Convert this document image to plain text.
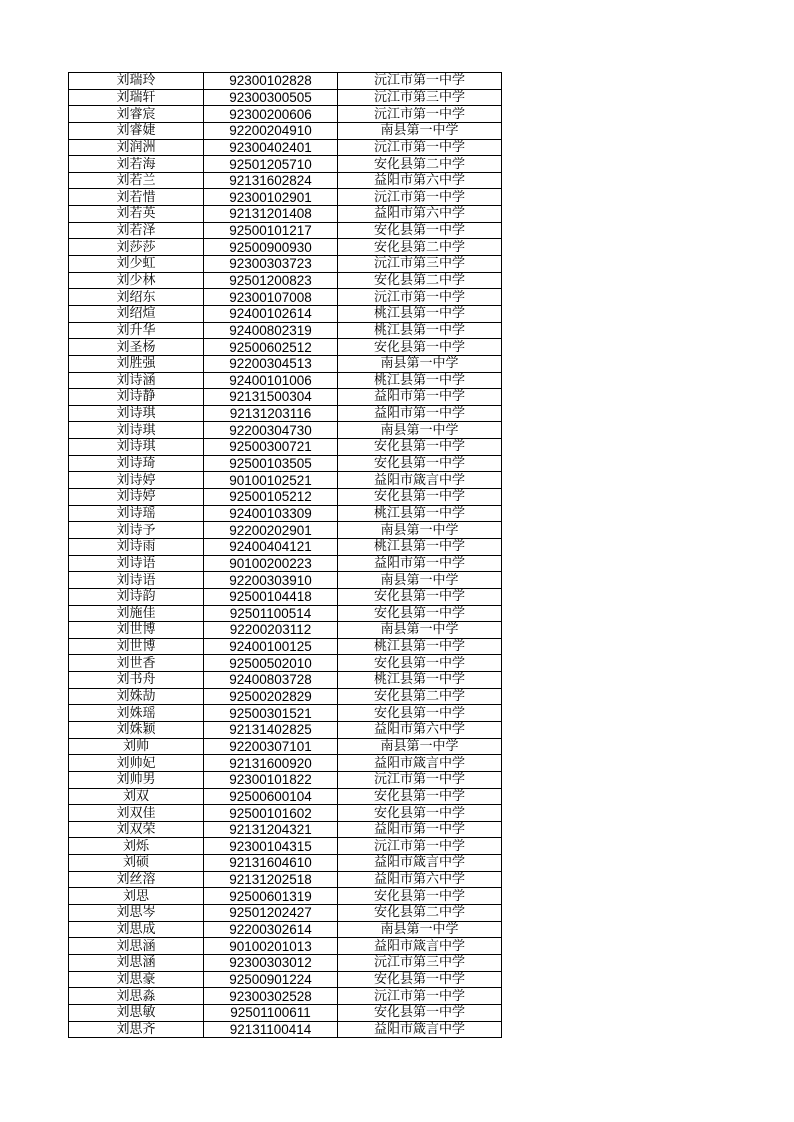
刘瑞玲	92300102828	沅江市第一中学
刘瑞轩	92300300505	沅江市第三中学
刘睿宸	92300200606	沅江市第一中学
刘睿婕	92200204910	南县第一中学
刘润洲	92300402401	沅江市第一中学
刘若海	92501205710	安化县第二中学
刘若兰	92131602824	益阳市第六中学
刘若惜	92300102901	沅江市第一中学
刘若英	92131201408	益阳市第六中学
刘若泽	92500101217	安化县第一中学
刘莎莎	92500900930	安化县第二中学
刘少虹	92300303723	沅江市第三中学
刘少林	92501200823	安化县第二中学
刘绍东	92300107008	沅江市第一中学
刘绍煊	92400102614	桃江县第一中学
刘升华	92400802319	桃江县第一中学
刘圣杨	92500602512	安化县第一中学
刘胜强	92200304513	南县第一中学
刘诗涵	92400101006	桃江县第一中学
刘诗静	92131500304	益阳市第一中学
刘诗琪	92131203116	益阳市第一中学
刘诗琪	92200304730	南县第一中学
刘诗琪	92500300721	安化县第一中学
刘诗琦	92500103505	安化县第一中学
刘诗婷	90100102521	益阳市箴言中学
刘诗婷	92500105212	安化县第一中学
刘诗瑶	92400103309	桃江县第一中学
刘诗予	92200202901	南县第一中学
刘诗雨	92400404121	桃江县第一中学
刘诗语	90100200223	益阳市第一中学
刘诗语	92200303910	南县第一中学
刘诗韵	92500104418	安化县第一中学
刘施佳	92501100514	安化县第一中学
刘世博	92200203112	南县第一中学
刘世博	92400100125	桃江县第一中学
刘世香	92500502010	安化县第一中学
刘书舟	92400803728	桃江县第一中学
刘姝劼	92500202829	安化县第二中学
刘姝瑶	92500301521	安化县第一中学
刘姝颖	92131402825	益阳市第六中学
刘帅	92200307101	南县第一中学
刘帅妃	92131600920	益阳市箴言中学
刘帅男	92300101822	沅江市第一中学
刘双	92500600104	安化县第一中学
刘双佳	92500101602	安化县第一中学
刘双荣	92131204321	益阳市第一中学
刘烁	92300104315	沅江市第一中学
刘硕	92131604610	益阳市箴言中学
刘丝溶	92131202518	益阳市第六中学
刘思	92500601319	安化县第一中学
刘思岑	92501202427	安化县第二中学
刘思成	92200302614	南县第一中学
刘思涵	90100201013	益阳市箴言中学
刘思涵	92300303012	沅江市第三中学
刘思豪	92500901224	安化县第一中学
刘思淼	92300302528	沅江市第一中学
刘思敏	92501100611	安化县第一中学
刘思齐	92131100414	益阳市箴言中学
